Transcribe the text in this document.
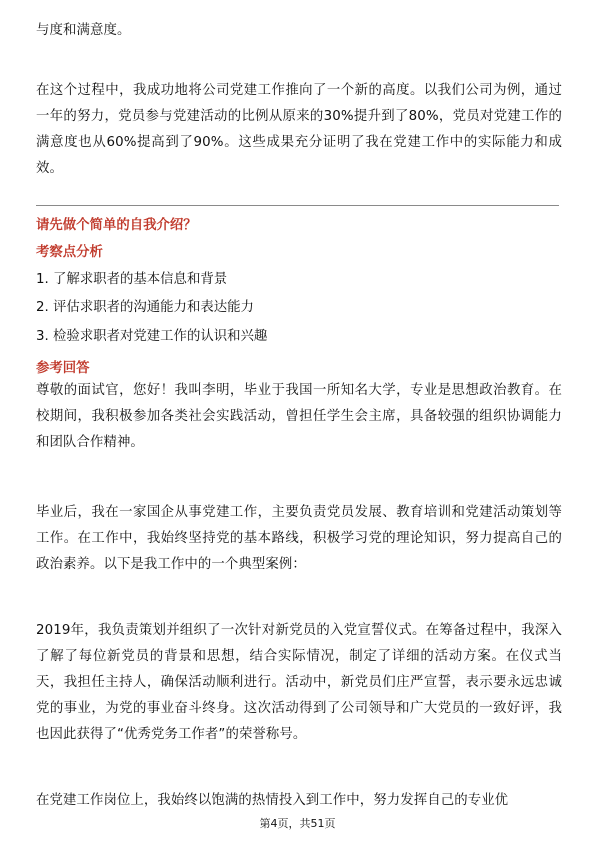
与度和满意度。

在这个过程中，我成功地将公司党建工作推向了一个新的高度。以我们公司为例，通过一年的努力，党员参与党建活动的比例从原来的30%提升到了80%，党员对党建工作的满意度也从60%提高到了90%。这些成果充分证明了我在党建工作中的实际能力和成效。

请先做个简单的自我介绍？

考察点分析

1. 了解求职者的基本信息和背景

2. 评估求职者的沟通能力和表达能力

3. 检验求职者对党建工作的认识和兴趣

参考回答

尊敬的面试官，您好！我叫李明，毕业于我国一所知名大学，专业是思想政治教育。在校期间，我积极参加各类社会实践活动，曾担任学生会主席，具备较强的组织协调能力和团队合作精神。

毕业后，我在一家国企从事党建工作，主要负责党员发展、教育培训和党建活动策划等工作。在工作中，我始终坚持党的基本路线，积极学习党的理论知识，努力提高自己的政治素养。以下是我工作中的一个典型案例：

2019年，我负责策划并组织了一次针对新党员的入党宣誓仪式。在筹备过程中，我深入了解了每位新党员的背景和思想，结合实际情况，制定了详细的活动方案。在仪式当天，我担任主持人，确保活动顺利进行。活动中，新党员们庄严宣誓，表示要永远忠诚党的事业，为党的事业奋斗终身。这次活动得到了公司领导和广大党员的一致好评，我也因此获得了“优秀党务工作者”的荣誉称号。

在党建工作岗位上，我始终以饱满的热情投入到工作中，努力发挥自己的专业优

第4页，共51页
